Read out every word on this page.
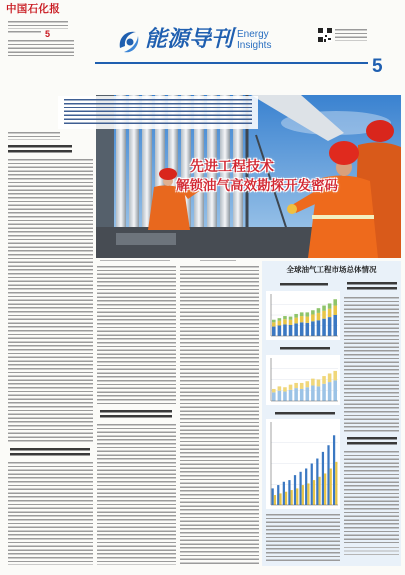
中国石化报
5	能源导刊 Energy
Insights
5
先进工程技术
解锁油气高效勘探开发密码
全球油气工程市场总体情况
